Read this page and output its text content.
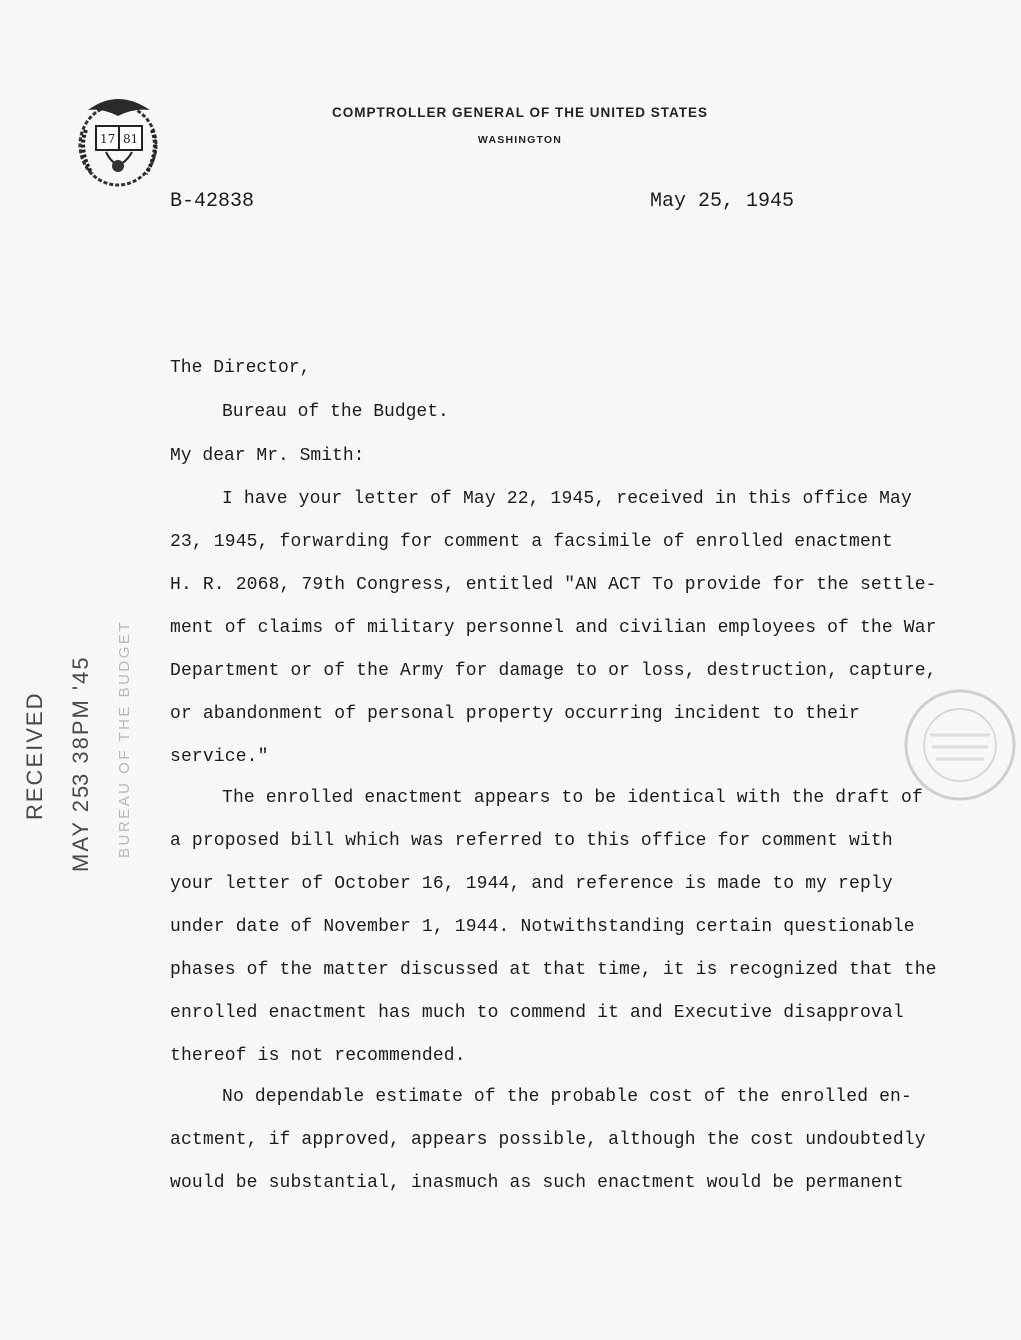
17 81
COMPTROLLER GENERAL OF THE UNITED STATES
WASHINGTON
B-42838	May 25, 1945
The Director,
Bureau of the Budget.
My dear Mr. Smith:
I have your letter of May 22, 1945, received in this office May
23, 1945, forwarding for comment a facsimile of enrolled enactment
H. R. 2068, 79th Congress, entitled "AN ACT To provide for the settle-
ment of claims of military personnel and civilian employees of the War
Department or of the Army for damage to or loss, destruction, capture,
or abandonment of personal property occurring incident to their
service."
The enrolled enactment appears to be identical with the draft of
a proposed bill which was referred to this office for comment with
your letter of October 16, 1944, and reference is made to my reply
under date of November 1, 1944. Notwithstanding certain questionable
phases of the matter discussed at that time, it is recognized that the
enrolled enactment has much to commend it and Executive disapproval
thereof is not recommended.
No dependable estimate of the probable cost of the enrolled en-
actment, if approved, appears possible, although the cost undoubtedly
would be substantial, inasmuch as such enactment would be permanent
RECEIVED
MAY 25
3 38PM '45 BUREAU OF THE BUDGET
